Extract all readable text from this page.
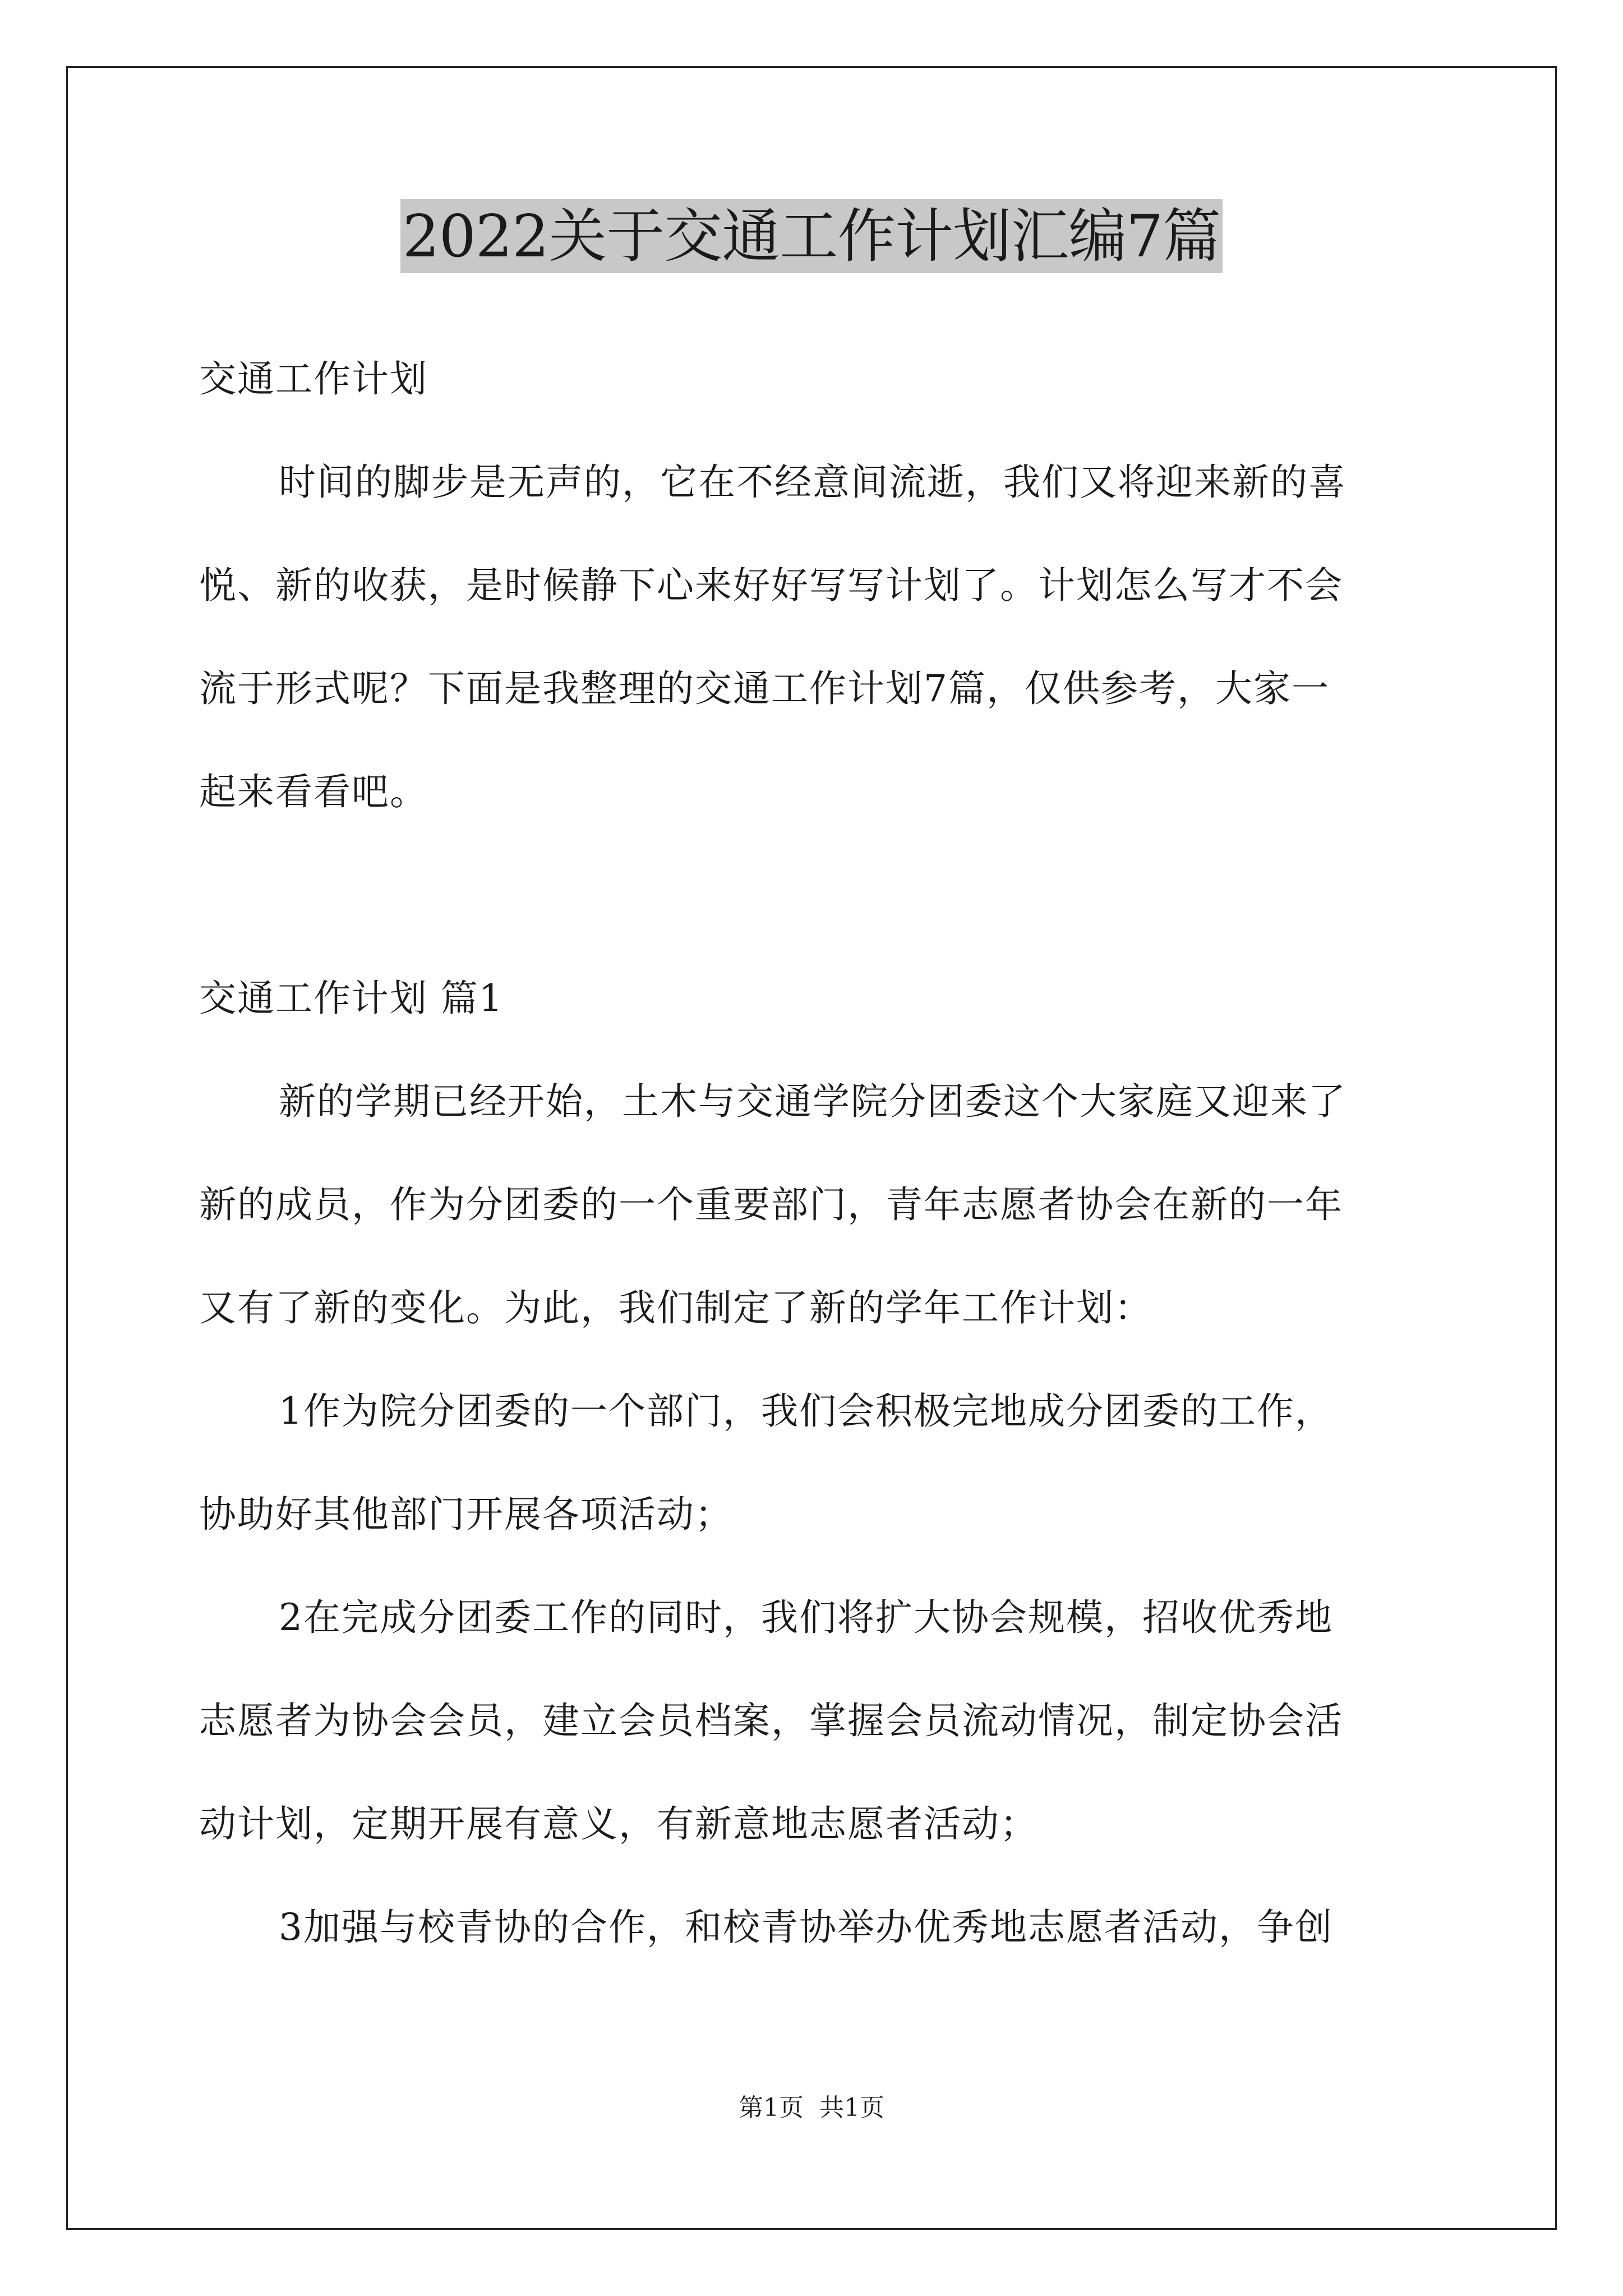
2022关于交通工作计划汇编7篇
交通工作计划
时间的脚步是无声的，它在不经意间流逝，我们又将迎来新的喜
悦、新的收获，是时候静下心来好好写写计划了。计划怎么写才不会
流于形式呢？下面是我整理的交通工作计划7篇，仅供参考，大家一
起来看看吧。
交通工作计划 篇1
新的学期已经开始，土木与交通学院分团委这个大家庭又迎来了
新的成员，作为分团委的一个重要部门，青年志愿者协会在新的一年
又有了新的变化。为此，我们制定了新的学年工作计划：
1作为院分团委的一个部门，我们会积极完地成分团委的工作，
协助好其他部门开展各项活动；
2在完成分团委工作的同时，我们将扩大协会规模，招收优秀地
志愿者为协会会员，建立会员档案，掌握会员流动情况，制定协会活
动计划，定期开展有意义，有新意地志愿者活动；
3加强与校青协的合作，和校青协举办优秀地志愿者活动，争创
第1页 共1页
